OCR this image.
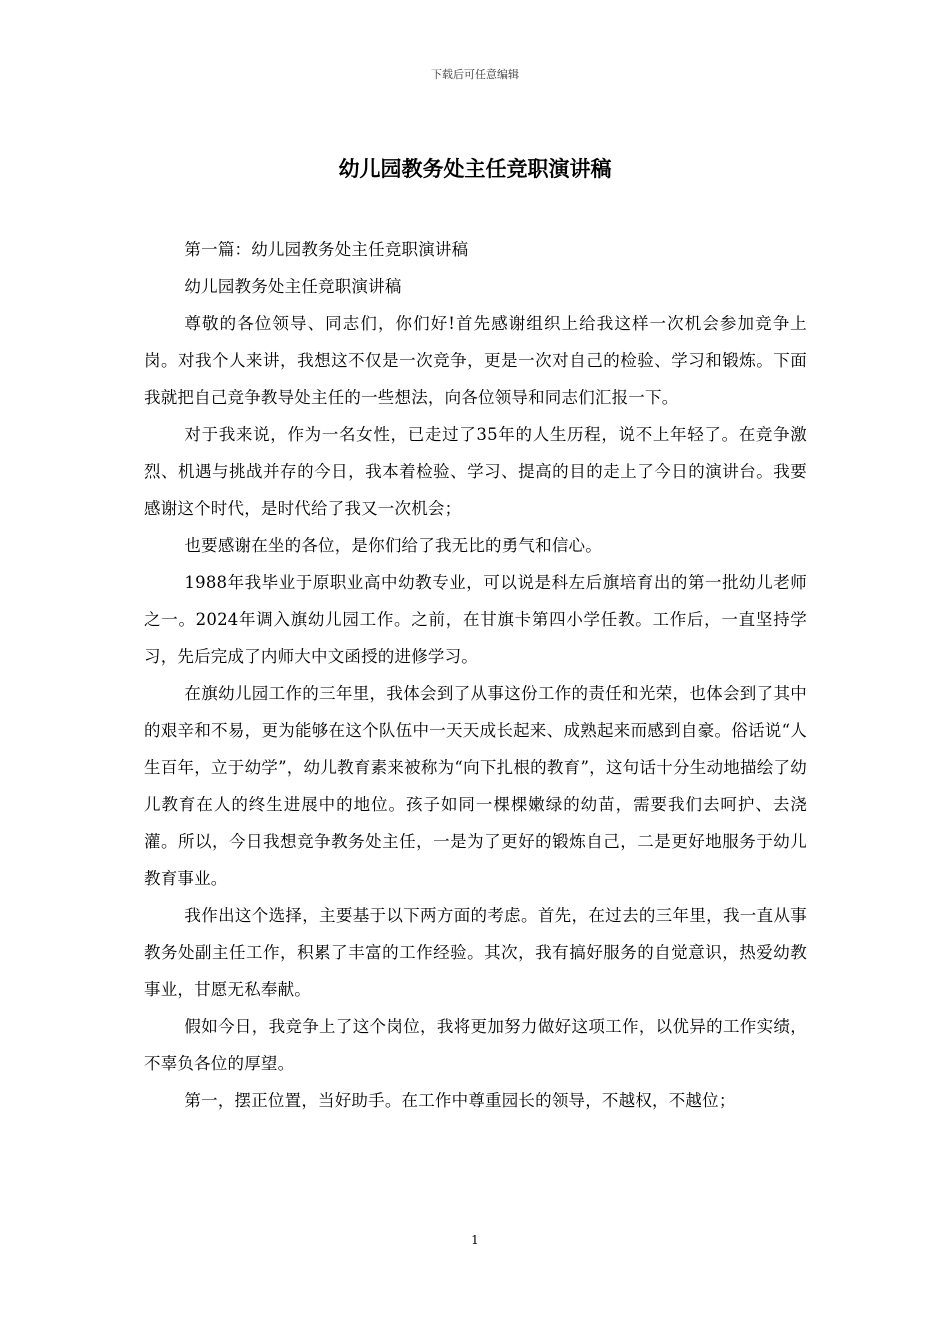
下载后可任意编辑
幼儿园教务处主任竞职演讲稿

第一篇：幼儿园教务处主任竞职演讲稿

幼儿园教务处主任竞职演讲稿

尊敬的各位领导、同志们，你们好!首先感谢组织上给我这样一次机会参加竞争上岗。对我个人来讲，我想这不仅是一次竞争，更是一次对自己的检验、学习和锻炼。下面我就把自己竞争教导处主任的一些想法，向各位领导和同志们汇报一下。

对于我来说，作为一名女性，已走过了35年的人生历程，说不上年轻了。在竞争激烈、机遇与挑战并存的今日，我本着检验、学习、提高的目的走上了今日的演讲台。我要感谢这个时代，是时代给了我又一次机会；

也要感谢在坐的各位，是你们给了我无比的勇气和信心。

1988年我毕业于原职业高中幼教专业，可以说是科左后旗培育出的第一批幼儿老师之一。2024年调入旗幼儿园工作。之前，在甘旗卡第四小学任教。工作后，一直坚持学习，先后完成了内师大中文函授的进修学习。

在旗幼儿园工作的三年里，我体会到了从事这份工作的责任和光荣，也体会到了其中的艰辛和不易，更为能够在这个队伍中一天天成长起来、成熟起来而感到自豪。俗话说“人生百年，立于幼学”，幼儿教育素来被称为“向下扎根的教育”，这句话十分生动地描绘了幼儿教育在人的终生进展中的地位。孩子如同一棵棵嫩绿的幼苗，需要我们去呵护、去浇灌。所以，今日我想竞争教务处主任，一是为了更好的锻炼自己，二是更好地服务于幼儿教育事业。

我作出这个选择，主要基于以下两方面的考虑。首先，在过去的三年里，我一直从事教务处副主任工作，积累了丰富的工作经验。其次，我有搞好服务的自觉意识，热爱幼教事业，甘愿无私奉献。

假如今日，我竞争上了这个岗位，我将更加努力做好这项工作，以优异的工作实绩，不辜负各位的厚望。

第一，摆正位置，当好助手。在工作中尊重园长的领导，不越权，不越位；

1
